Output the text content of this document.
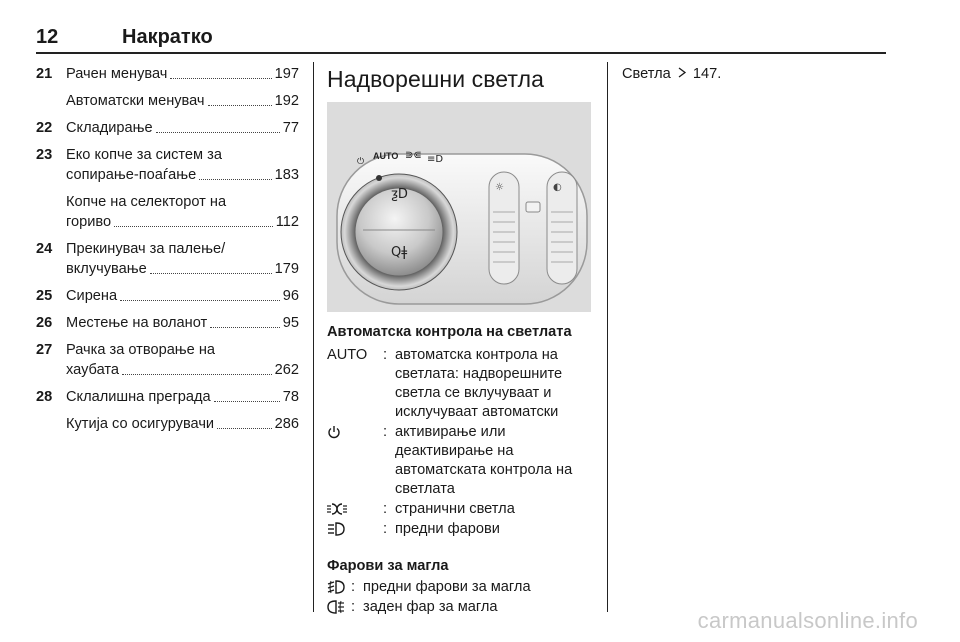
12	Накратко
21 Рачен менувач	197
Автоматски менувач	192
22 Складирање	77
23 Еко копче за систем за
сопирање-поаѓање	183
Копче на селекторот на
гориво	112
24 Прекинувач за палење/
вклучување	179
25 Сирена	96
26 Местење на воланот	95
27 Рачка за отворање на
хаубата	262
28 Склалишна преграда	78
Кутија со осигурувачи	286
Надворешни светла
⏻ AUTO ⋑⋐ ≡D
ƺD
Qǂ
☼	◐
Автоматска контрола на светлата
AUTO	: автоматска контрола на светлата: надворешните светла се вклучуваат и исклучуваат автоматски
: активирање или деактивирање на автоматската контрола на светлата
: странични светла
: предни фарови
Фарови за магла
: предни фарови за магла
: заден фар за магла
Светла 147.
carmanualsonline.info
